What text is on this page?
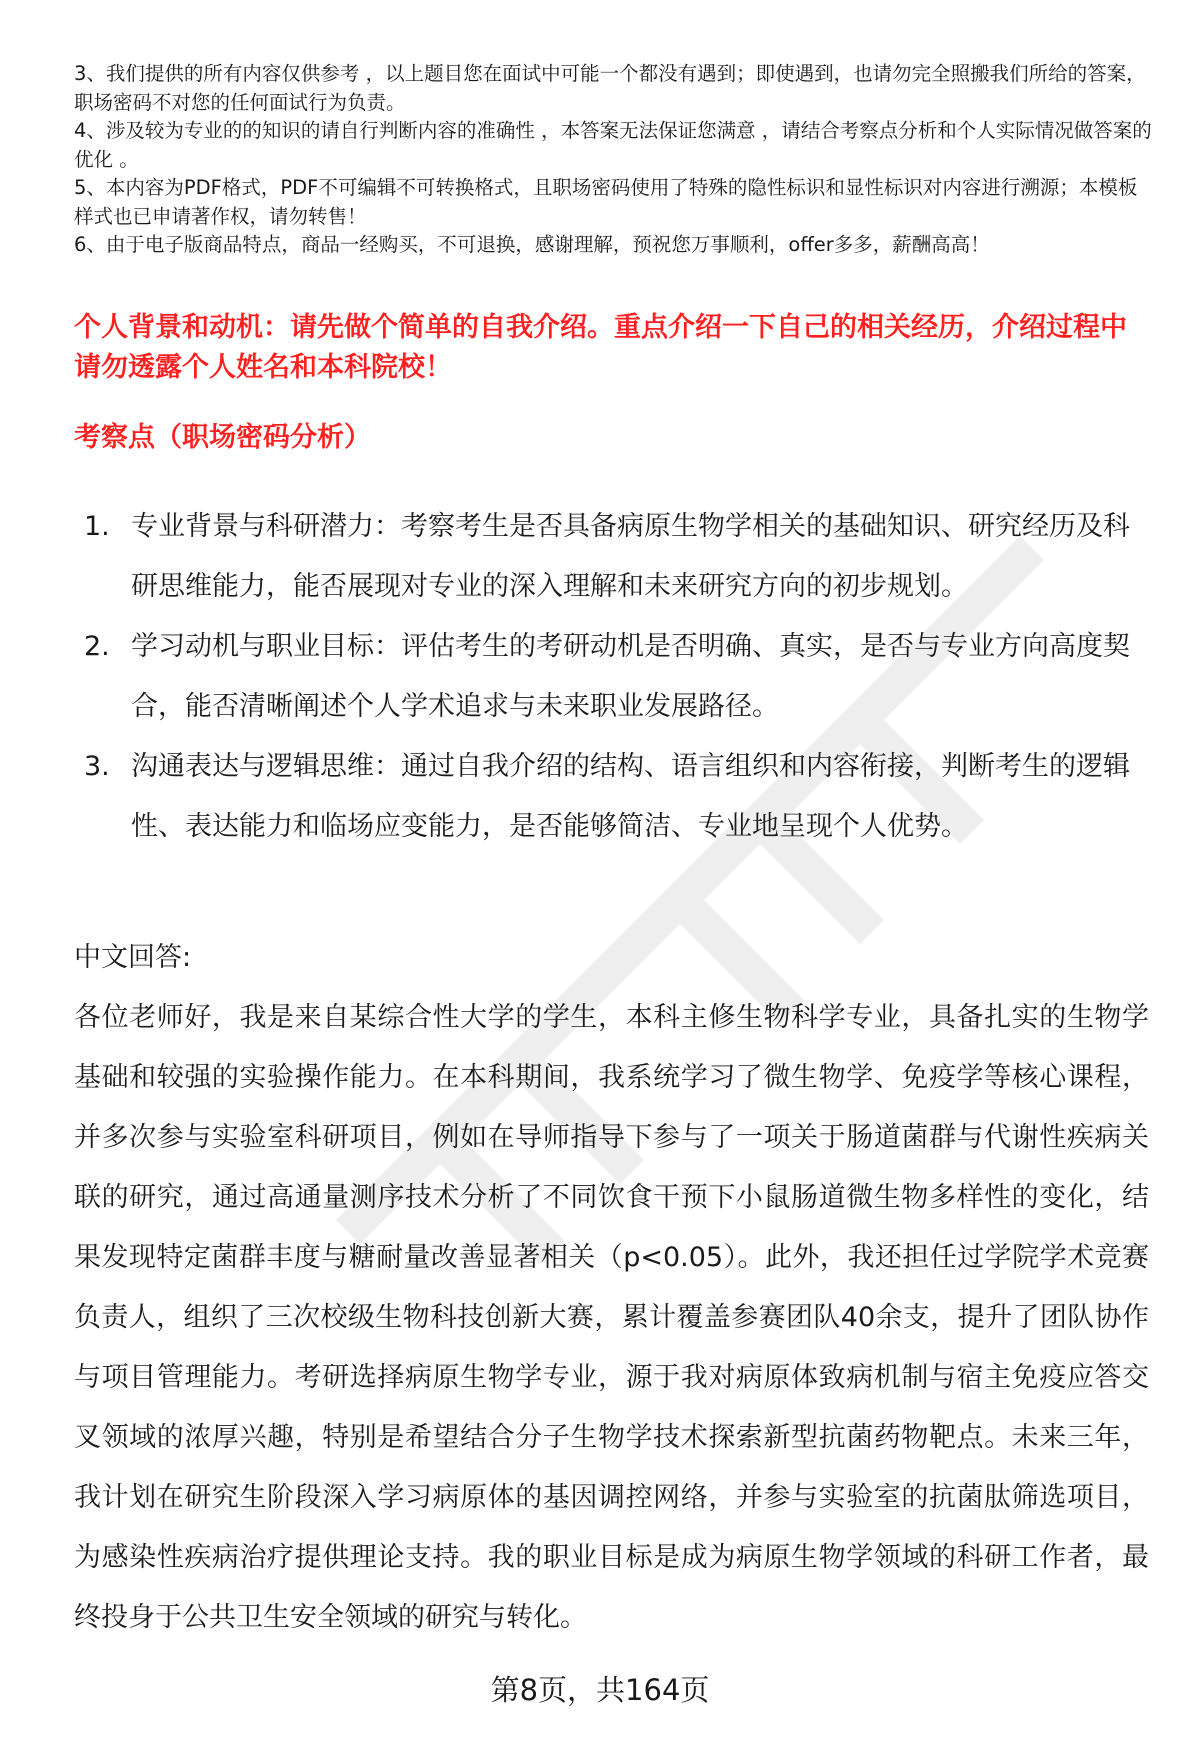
3、我们提供的所有内容仅供参考 ，以上题目您在面试中可能一个都没有遇到；即使遇到，也请勿完全照搬我们所给的答案，职场密码不对您的任何面试行为负责。
4、涉及较为专业的的知识的请自行判断内容的准确性 ，本答案无法保证您满意 ，请结合考察点分析和个人实际情况做答案的优化 。
5、本内容为PDF格式，PDF不可编辑不可转换格式，且职场密码使用了特殊的隐性标识和显性标识对内容进行溯源；本模板样式也已申请著作权，请勿转售！
6、由于电子版商品特点，商品一经购买，不可退换，感谢理解，预祝您万事顺利，offer多多，薪酬高高！

个人背景和动机：请先做个简单的自我介绍。重点介绍一下自己的相关经历，介绍过程中请勿透露个人姓名和本科院校！

考察点（职场密码分析）

1. 专业背景与科研潜力：考察考生是否具备病原生物学相关的基础知识、研究经历及科研思维能力，能否展现对专业的深入理解和未来研究方向的初步规划。
2. 学习动机与职业目标：评估考生的考研动机是否明确、真实，是否与专业方向高度契合，能否清晰阐述个人学术追求与未来职业发展路径。
3. 沟通表达与逻辑思维：通过自我介绍的结构、语言组织和内容衔接，判断考生的逻辑性、表达能力和临场应变能力，是否能够简洁、专业地呈现个人优势。

中文回答:

各位老师好，我是来自某综合性大学的学生，本科主修生物科学专业，具备扎实的生物学基础和较强的实验操作能力。在本科期间，我系统学习了微生物学、免疫学等核心课程，并多次参与实验室科研项目，例如在导师指导下参与了一项关于肠道菌群与代谢性疾病关联的研究，通过高通量测序技术分析了不同饮食干预下小鼠肠道微生物多样性的变化，结果发现特定菌群丰度与糖耐量改善显著相关（p<0.05）。此外，我还担任过学院学术竞赛负责人，组织了三次校级生物科技创新大赛，累计覆盖参赛团队40余支，提升了团队协作与项目管理能力。考研选择病原生物学专业，源于我对病原体致病机制与宿主免疫应答交叉领域的浓厚兴趣，特别是希望结合分子生物学技术探索新型抗菌药物靶点。未来三年，我计划在研究生阶段深入学习病原体的基因调控网络，并参与实验室的抗菌肽筛选项目，为感染性疾病治疗提供理论支持。我的职业目标是成为病原生物学领域的科研工作者，最终投身于公共卫生安全领域的研究与转化。

第8页，共164页
